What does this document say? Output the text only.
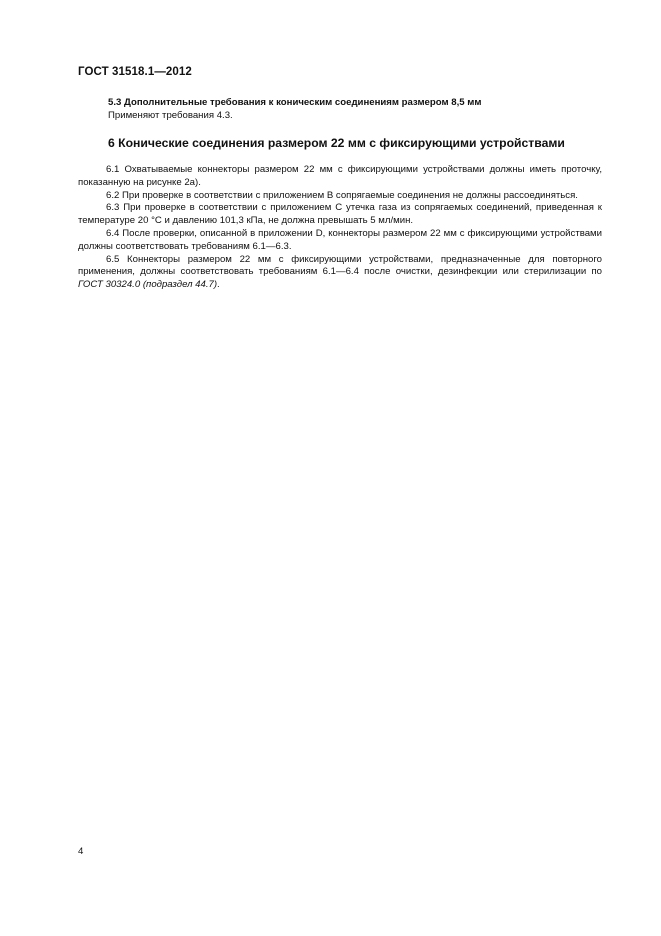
ГОСТ 31518.1—2012
5.3 Дополнительные требования к коническим соединениям размером 8,5 мм
Применяют требования 4.3.
6 Конические соединения размером 22 мм с фиксирующими устройствами

6.1 Охватываемые коннекторы размером 22 мм с фиксирующими устройствами должны иметь проточку, показанную на рисунке 2а).

6.2 При проверке в соответствии с приложением В сопрягаемые соединения не должны рассоединяться.

6.3 При проверке в соответствии с приложением С утечка газа из сопрягаемых соединений, приведенная к температуре 20 °С и давлению 101,3 кПа, не должна превышать 5 мл/мин.

6.4 После проверки, описанной в приложении D, коннекторы размером 22 мм с фиксирующими устройствами должны соответствовать требованиям 6.1—6.3.

6.5 Коннекторы размером 22 мм с фиксирующими устройствами, предназначенные для повторного применения, должны соответствовать требованиям 6.1—6.4 после очистки, дезинфекции или стерилизации по ГОСТ 30324.0 (подраздел 44.7).

4
